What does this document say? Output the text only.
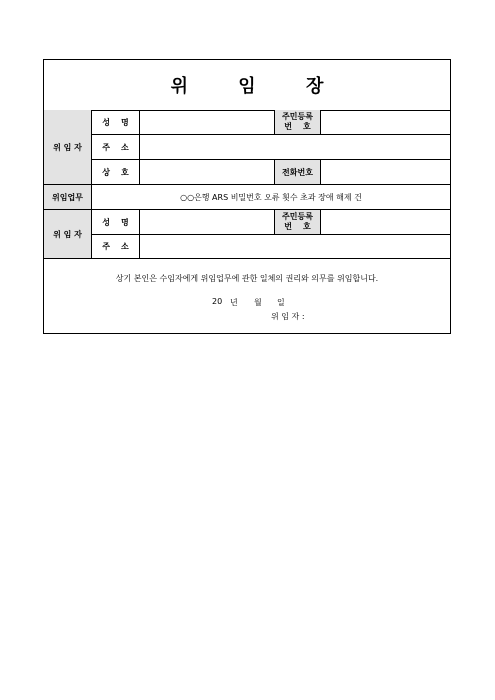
위 임 장
위 임 자
성    명
주민등록
번    호
주    소
상    호	전화번호
위임업무	○○은행 ARS 비밀번호 오류 횟수 초과 장애 해제 건
위 임 자
성    명
주민등록
번    호
주    소
상기 본인은 수임자에게 위임업무에 관한 일체의 권리와 의무를 위임합니다.
20 년 월 일
위 임 자 :
